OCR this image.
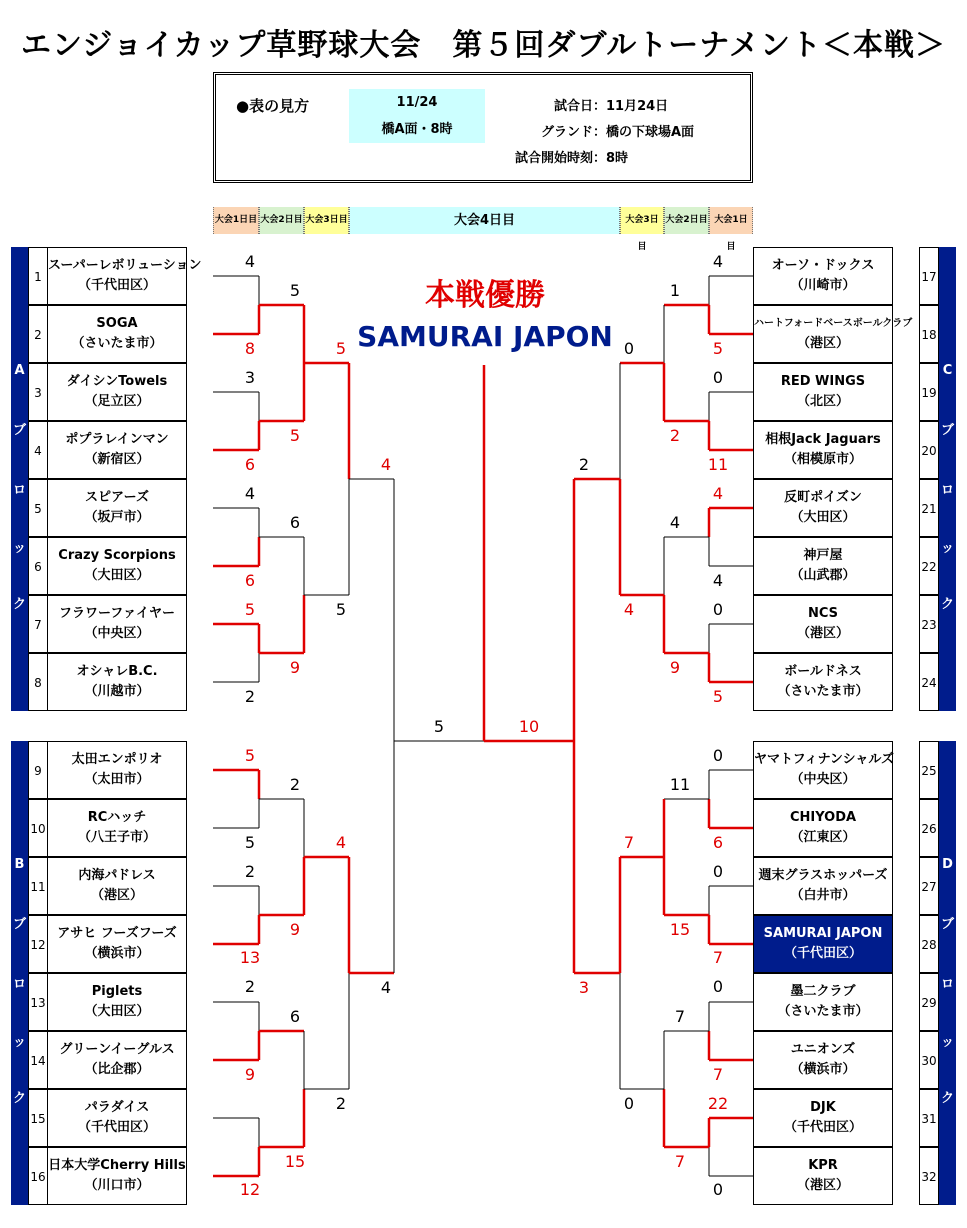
エンジョイカップ草野球大会　第５回ダブルトーナメント＜本戦＞
●表の見方	11/24
橋A面・8時
試合日：11月24日
グランド：橋の下球場A面
試合開始時刻：8時
大会1日目 大会2日目 大会3日目	大会4日目	大会3日目
大会2日目 大会1日目
A
ブ
ロ
ッ
ク
B
ブ
ロ
ッ
ク
C
ブ
ロ
ッ
ク
D
ブ
ロ
ッ
ク
1
スーパーレボリューション
（千代田区）
2
SOGA
（さいたま市）
3
ダイシンTowels
（足立区）
4
ポプラレインマン
（新宿区）
5
スピアーズ
（坂戸市）
6
Crazy Scorpions
（大田区）
7
フラワーファイヤー
（中央区）
8
オシャレB.C.
（川越市）
9
太田エンポリオ
（太田市）
10
RCハッチ
（八王子市）
11
内海パドレス
（港区）
12
アサヒ フーズフーズ
（横浜市）
13
Piglets
（大田区）
14
グリーンイーグルス
（比企郡）
15
パラダイス
（千代田区）
16
日本大学Cherry Hills
（川口市）
17
オーソ・ドックス
（川崎市）
18
ハートフォードベースボールクラブ
（港区）
19
RED WINGS
（北区）
20
相根Jack Jaguars
（相模原市）
21
反町ポイズン
（大田区）
22
神戸屋
（山武郡）
23
NCS
（港区）
24
ボールドネス
（さいたま市）
25
ヤマトフィナンシャルズ
（中央区）
26
CHIYODA
（江東区）
27
週末グラスホッパーズ
（白井市）
28
SAMURAI JAPON
（千代田区）
29
墨二クラブ
（さいたま市）
30
ユニオンズ
（横浜市）
31
DJK
（千代田区）
32
KPR
（港区）
4
8
3
6
4
6
5
2
5
5
6
9
5
4
5
5
5
2
13
2
9
12
2
9
6
15
4
2
4
5
4
5
0
11
4
4
0
5
1
2
4
9
0
4
2
0
6
0
7
0
7
22
0
11
15
7
7
7
0
3
10
本戦優勝
SAMURAI JAPON
